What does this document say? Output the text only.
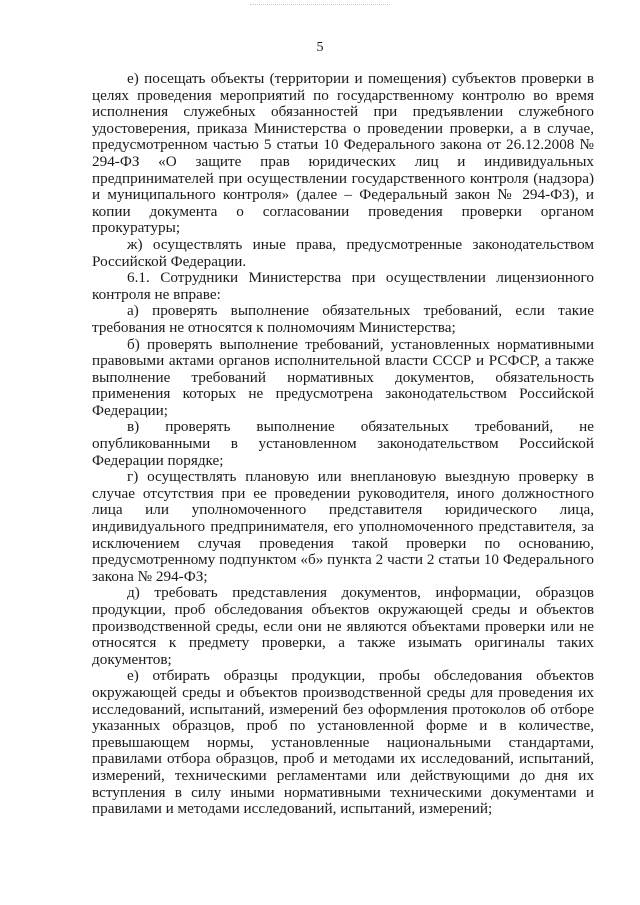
5

е) посещать объекты (территории и помещения) субъектов проверки в целях проведения мероприятий по государственному контролю во время исполнения служебных обязанностей при предъявлении служебного удостоверения, приказа Министерства о проведении проверки, а в случае, предусмотренном частью 5 статьи 10 Федерального закона от 26.12.2008 № 294-ФЗ «О защите прав юридических лиц и индивидуальных предпринимателей при осуществлении государственного контроля (надзора) и муниципального контроля» (далее – Федеральный закон № 294-ФЗ), и копии документа о согласовании проведения проверки органом прокуратуры;

ж) осуществлять иные права, предусмотренные законодательством Российской Федерации.

6.1. Сотрудники Министерства при осуществлении лицензионного контроля не вправе:

а) проверять выполнение обязательных требований, если такие требования не относятся к полномочиям Министерства;

б) проверять выполнение требований, установленных нормативными правовыми актами органов исполнительной власти СССР и РСФСР, а также выполнение требований нормативных документов, обязательность применения которых не предусмотрена законодательством Российской Федерации;

в) проверять выполнение обязательных требований, не опубликованными в установленном законодательством Российской Федерации порядке;

г) осуществлять плановую или внеплановую выездную проверку в случае отсутствия при ее проведении руководителя, иного должностного лица или уполномоченного представителя юридического лица, индивидуального предпринимателя, его уполномоченного представителя, за исключением случая проведения такой проверки по основанию, предусмотренному подпунктом «б» пункта 2 части 2 статьи 10 Федерального закона № 294-ФЗ;

д) требовать представления документов, информации, образцов продукции, проб обследования объектов окружающей среды и объектов производственной среды, если они не являются объектами проверки или не относятся к предмету проверки, а также изымать оригиналы таких документов;

е) отбирать образцы продукции, пробы обследования объектов окружающей среды и объектов производственной среды для проведения их исследований, испытаний, измерений без оформления протоколов об отборе указанных образцов, проб по установленной форме и в количестве, превышающем нормы, установленные национальными стандартами, правилами отбора образцов, проб и методами их исследований, испытаний, измерений, техническими регламентами или действующими до дня их вступления в силу иными нормативными техническими документами и правилами и методами исследований, испытаний, измерений;
